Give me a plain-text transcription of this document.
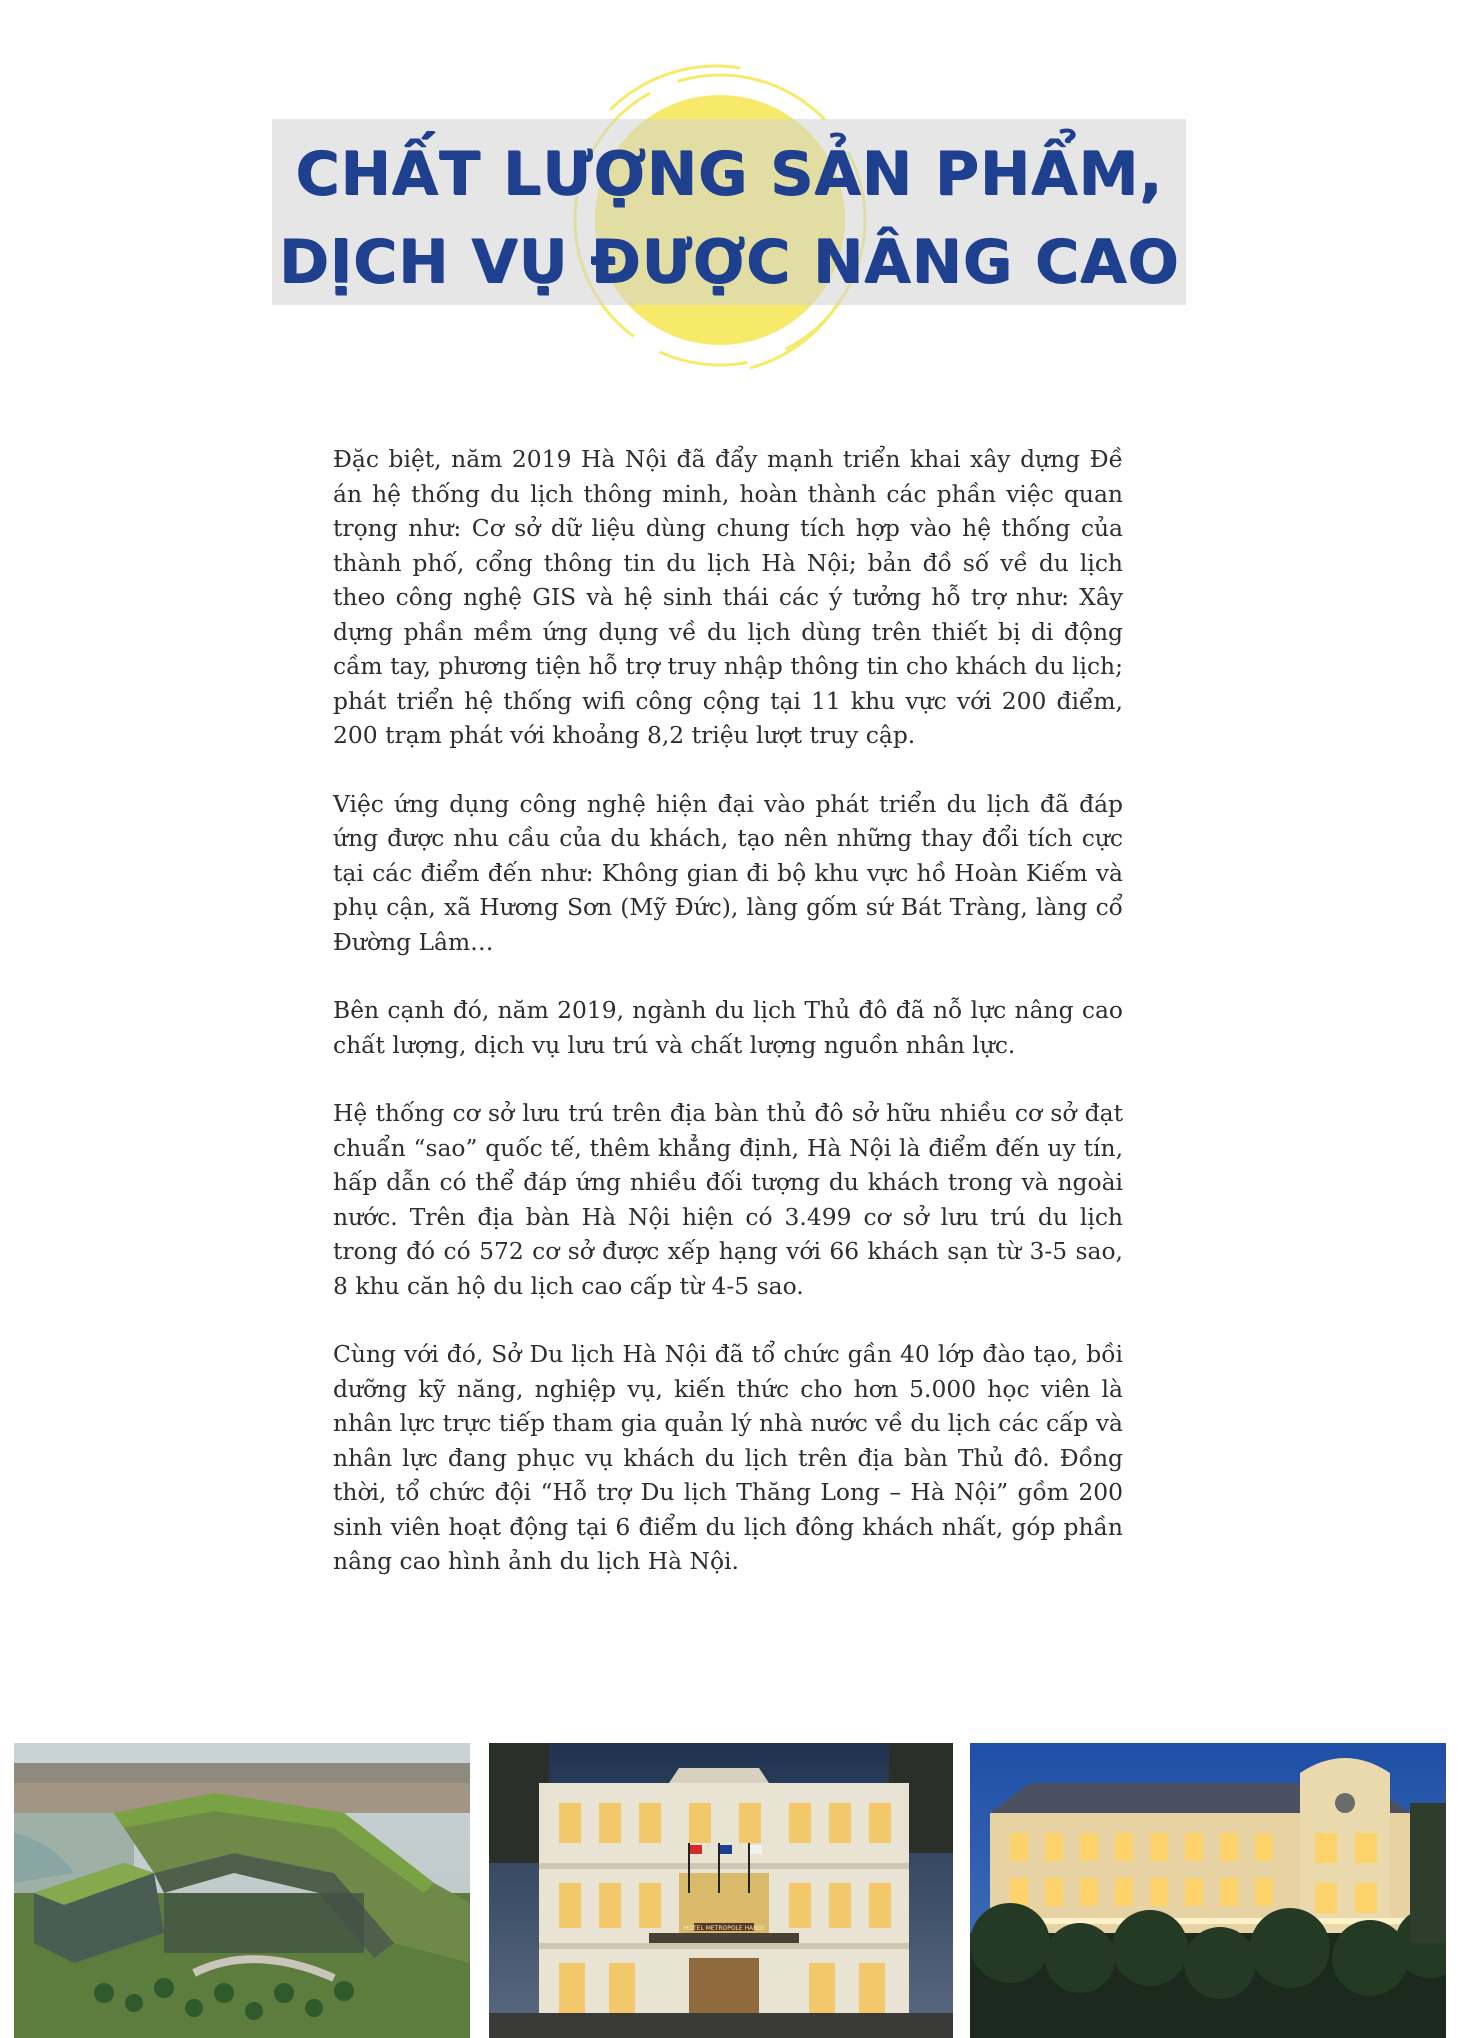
CHẤT LƯỢNG SẢN PHẨM,
DỊCH VỤ ĐƯỢC NÂNG CAO

Đặc biệt, năm 2019 Hà Nội đã đẩy mạnh triển khai xây dựng Đề án hệ thống du lịch thông minh, hoàn thành các phần việc quan trọng như: Cơ sở dữ liệu dùng chung tích hợp vào hệ thống của thành phố, cổng thông tin du lịch Hà Nội; bản đồ số về du lịch theo công nghệ GIS và hệ sinh thái các ý tưởng hỗ trợ như: Xây dựng phần mềm ứng dụng về du lịch dùng trên thiết bị di động cầm tay, phương tiện hỗ trợ truy nhập thông tin cho khách du lịch; phát triển hệ thống wifi công cộng tại 11 khu vực với 200 điểm, 200 trạm phát với khoảng 8,2 triệu lượt truy cập.

Việc ứng dụng công nghệ hiện đại vào phát triển du lịch đã đáp ứng được nhu cầu của du khách, tạo nên những thay đổi tích cực tại các điểm đến như: Không gian đi bộ khu vực hồ Hoàn Kiếm và phụ cận, xã Hương Sơn (Mỹ Đức), làng gốm sứ Bát Tràng, làng cổ Đường Lâm…

Bên cạnh đó, năm 2019, ngành du lịch Thủ đô đã nỗ lực nâng cao chất lượng, dịch vụ lưu trú và chất lượng nguồn nhân lực.

Hệ thống cơ sở lưu trú trên địa bàn thủ đô sở hữu nhiều cơ sở đạt chuẩn “sao” quốc tế, thêm khẳng định, Hà Nội là điểm đến uy tín, hấp dẫn có thể đáp ứng nhiều đối tượng du khách trong và ngoài nước. Trên địa bàn Hà Nội hiện có 3.499 cơ sở lưu trú du lịch trong đó có 572 cơ sở được xếp hạng với 66 khách sạn từ 3-5 sao, 8 khu căn hộ du lịch cao cấp từ 4-5 sao.

Cùng với đó, Sở Du lịch Hà Nội đã tổ chức gần 40 lớp đào tạo, bồi dưỡng kỹ năng, nghiệp vụ, kiến thức cho hơn 5.000 học viên là nhân lực trực tiếp tham gia quản lý nhà nước về du lịch các cấp và nhân lực đang phục vụ khách du lịch trên địa bàn Thủ đô. Đồng thời, tổ chức đội “Hỗ trợ Du lịch Thăng Long – Hà Nội” gồm 200 sinh viên hoạt động tại 6 điểm du lịch đông khách nhất, góp phần nâng cao hình ảnh du lịch Hà Nội.

HOTEL METROPOLE HANOI
